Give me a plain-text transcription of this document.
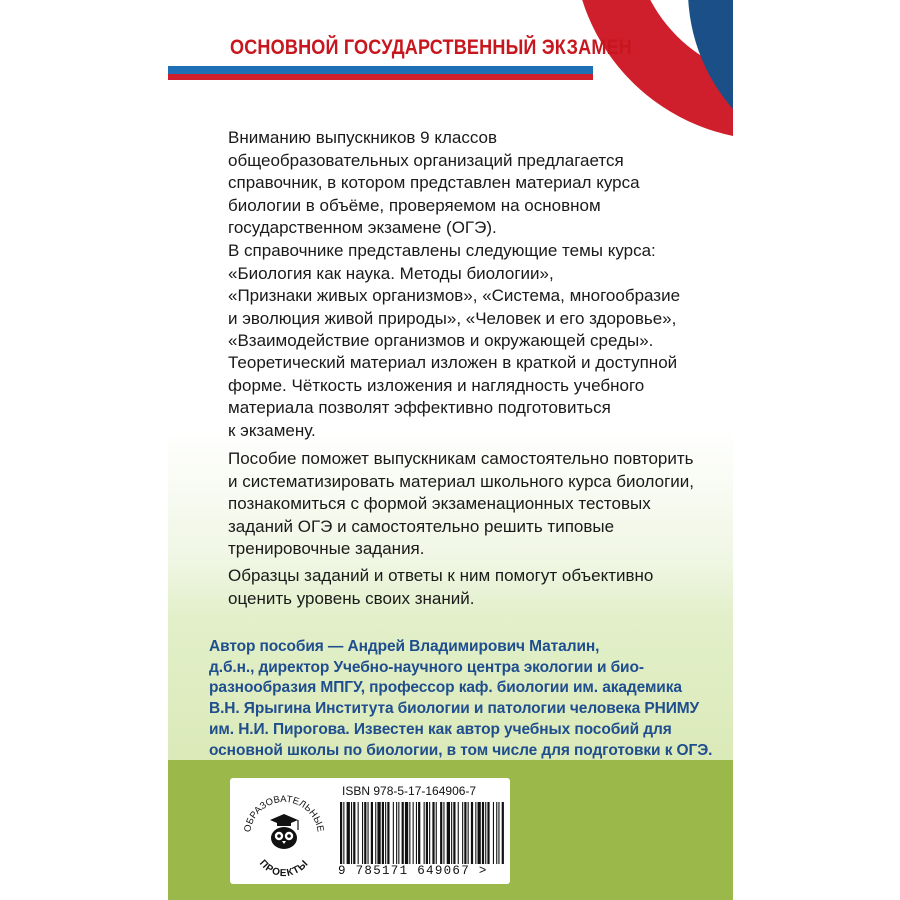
ОСНОВНОЙ ГОСУДАРСТВЕННЫЙ ЭКЗАМЕН
Вниманию выпускников 9 классов
общеобразовательных организаций предлагается
справочник, в котором представлен материал курса
биологии в объёме, проверяемом на основном
государственном экзамене (ОГЭ).
В справочнике представлены следующие темы курса:
«Биология как наука. Методы биологии»,
«Признаки живых организмов», «Система, многообразие
и эволюция живой природы», «Человек и его здоровье»,
«Взаимодействие организмов и окружающей среды».
Теоретический материал изложен в краткой и доступной
форме. Чёткость изложения и наглядность учебного
материала позволят эффективно подготовиться
к экзамену.
Пособие поможет выпускникам самостоятельно повторить
и систематизировать материал школьного курса биологии,
познакомиться с формой экзаменационных тестовых
заданий ОГЭ и самостоятельно решить типовые
тренировочные задания.
Образцы заданий и ответы к ним помогут объективно
оценить уровень своих знаний.
Автор пособия — Андрей Владимирович Маталин,
д.б.н., директор Учебно-научного центра экологии и био-
разнообразия МПГУ, профессор каф. биологии им. академика
В.Н. Ярыгина Института биологии и патологии человека РНИМУ
им. Н.И. Пирогова. Известен как автор учебных пособий для
основной школы по биологии, в том числе для подготовки к ОГЭ.
ОБРАЗОВАТЕЛЬНЫЕ
ПРОЕКТЫ
ISBN 978-5-17-164906-7
9 785171 649067 >
